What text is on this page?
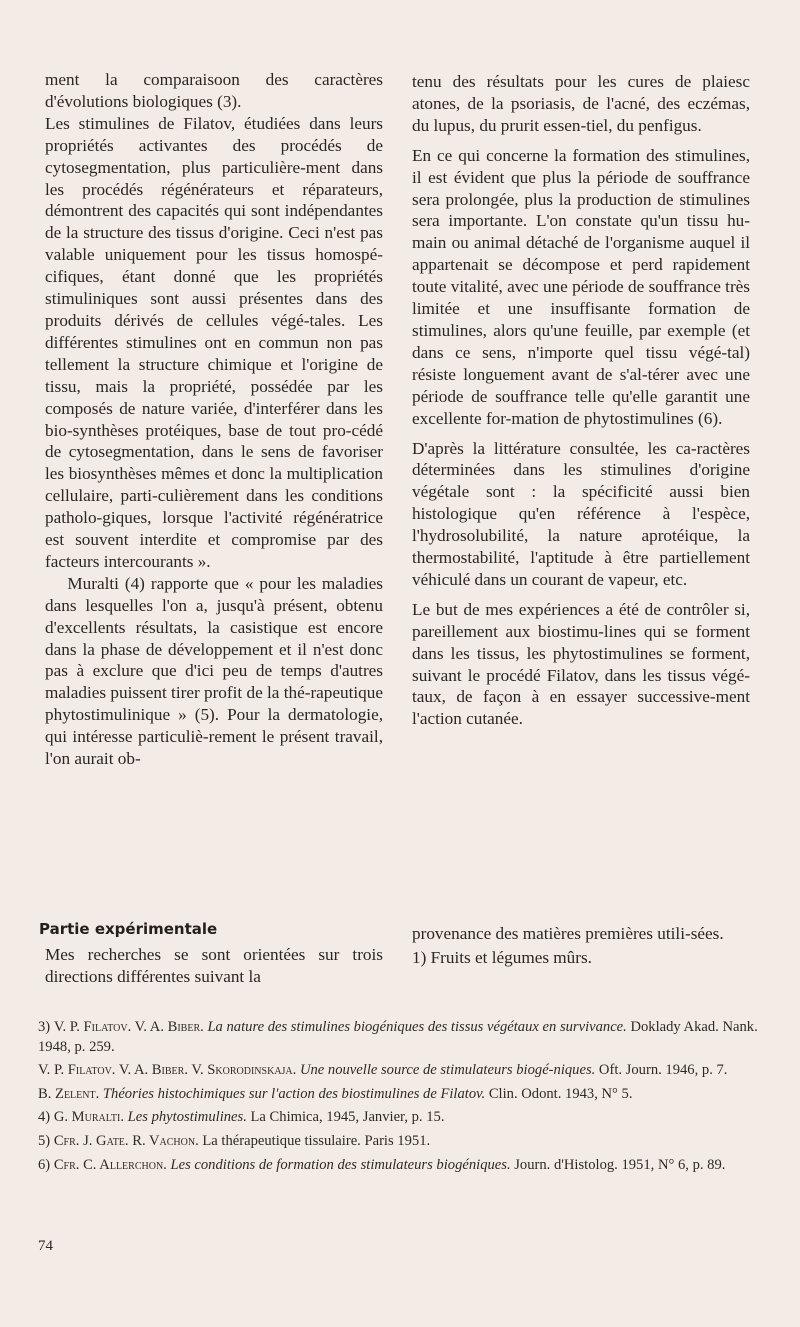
ment la comparaisoon des caractères d'évolutions biologiques (3).

Les stimulines de Filatov, étudiées dans leurs propriétés activantes des procédés de cytosegmentation, plus particulière-ment dans les procédés régénérateurs et réparateurs, démontrent des capacités qui sont indépendantes de la structure des tissus d'origine. Ceci n'est pas valable uniquement pour les tissus homospé-cifiques, étant donné que les propriétés stimuliniques sont aussi présentes dans des produits dérivés de cellules végé-tales. Les différentes stimulines ont en commun non pas tellement la structure chimique et l'origine de tissu, mais la propriété, possédée par les composés de nature variée, d'interférer dans les bio-synthèses protéiques, base de tout pro-cédé de cytosegmentation, dans le sens de favoriser les biosynthèses mêmes et donc la multiplication cellulaire, parti-culièrement dans les conditions patholo-giques, lorsque l'activité régénératrice est souvent interdite et compromise par des facteurs intercourants ».

Muralti (4) rapporte que « pour les maladies dans lesquelles l'on a, jusqu'à présent, obtenu d'excellents résultats, la casistique est encore dans la phase de développement et il n'est donc pas à exclure que d'ici peu de temps d'autres maladies puissent tirer profit de la thé-rapeutique phytostimulinique » (5). Pour la dermatologie, qui intéresse particuliè-rement le présent travail, l'on aurait ob-

tenu des résultats pour les cures de plaiesc atones, de la psoriasis, de l'acné, des eczémas, du lupus, du prurit essen-tiel, du penfigus.

En ce qui concerne la formation des stimulines, il est évident que plus la période de souffrance sera prolongée, plus la production de stimulines sera importante. L'on constate qu'un tissu hu-main ou animal détaché de l'organisme auquel il appartenait se décompose et perd rapidement toute vitalité, avec une période de souffrance très limitée et une insuffisante formation de stimulines, alors qu'une feuille, par exemple (et dans ce sens, n'importe quel tissu végé-tal) résiste longuement avant de s'al-térer avec une période de souffrance telle qu'elle garantit une excellente for-mation de phytostimulines (6).

D'après la littérature consultée, les ca-ractères déterminées dans les stimulines d'origine végétale sont : la spécificité aussi bien histologique qu'en référence à l'espèce, l'hydrosolubilité, la nature aprotéique, la thermostabilité, l'aptitude à être partiellement véhiculé dans un courant de vapeur, etc.

Le but de mes expériences a été de contrôler si, pareillement aux biostimu-lines qui se forment dans les tissus, les phytostimulines se forment, suivant le procédé Filatov, dans les tissus végé-taux, de façon à en essayer successive-ment l'action cutanée.

Partie expérimentale

Mes recherches se sont orientées sur trois directions différentes suivant la

provenance des matières premières utili-sées.

1) Fruits et légumes mûrs.

3) V. P. Filatov. V. A. Biber. La nature des stimulines biogéniques des tissus végétaux en survivance. Doklady Akad. Nank. 1948, p. 259.

V. P. Filatov. V. A. Biber. V. Skorodinskaja. Une nouvelle source de stimulateurs biogé-niques. Oft. Journ. 1946, p. 7.

B. Zelent. Théories histochimiques sur l'action des biostimulines de Filatov. Clin. Odont. 1943, N° 5.

4) G. Muralti. Les phytostimulines. La Chimica, 1945, Janvier, p. 15.

5) Cfr. J. Gate. R. Vachon. La thérapeutique tissulaire. Paris 1951.

6) Cfr. C. Allerchon. Les conditions de formation des stimulateurs biogéniques. Journ. d'Histolog. 1951, N° 6, p. 89.

74
